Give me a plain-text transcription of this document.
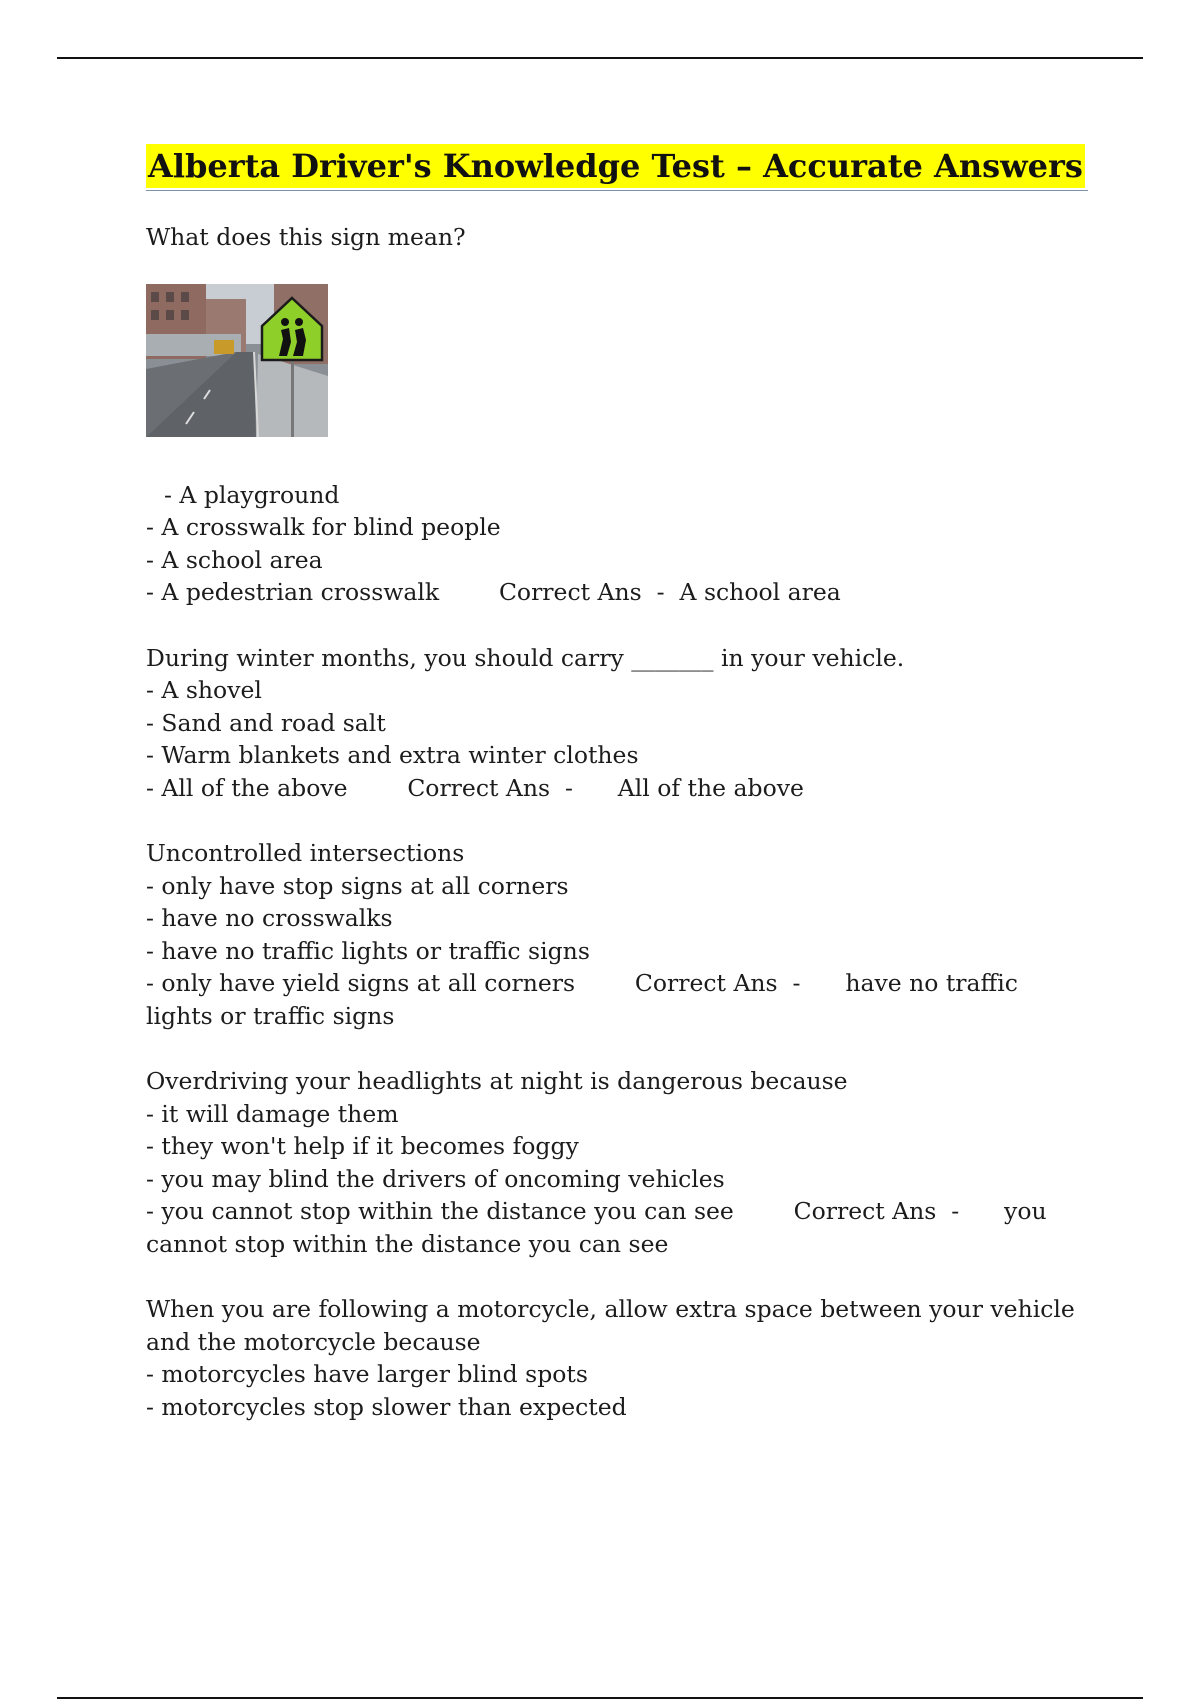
Alberta Driver's Knowledge Test – Accurate Answers
What does this sign mean?
- A playground
- A crosswalk for blind people
- A school area
- A pedestrian crosswalk	Correct Ans  -  A school area
During winter months, you should carry _______ in your vehicle.
- A shovel
- Sand and road salt
- Warm blankets and extra winter clothes
- All of the above	Correct Ans  -      All of the above
Uncontrolled intersections
- only have stop signs at all corners
- have no crosswalks
- have no traffic lights or traffic signs
- only have yield signs at all corners	Correct Ans  -      have no traffic lights or traffic signs
Overdriving your headlights at night is dangerous because
- it will damage them
- they won't help if it becomes foggy
- you may blind the drivers of oncoming vehicles
- you cannot stop within the distance you can see	Correct Ans  -      you cannot stop within the distance you can see
When you are following a motorcycle, allow extra space between your vehicle and the motorcycle because
- motorcycles have larger blind spots
- motorcycles stop slower than expected
